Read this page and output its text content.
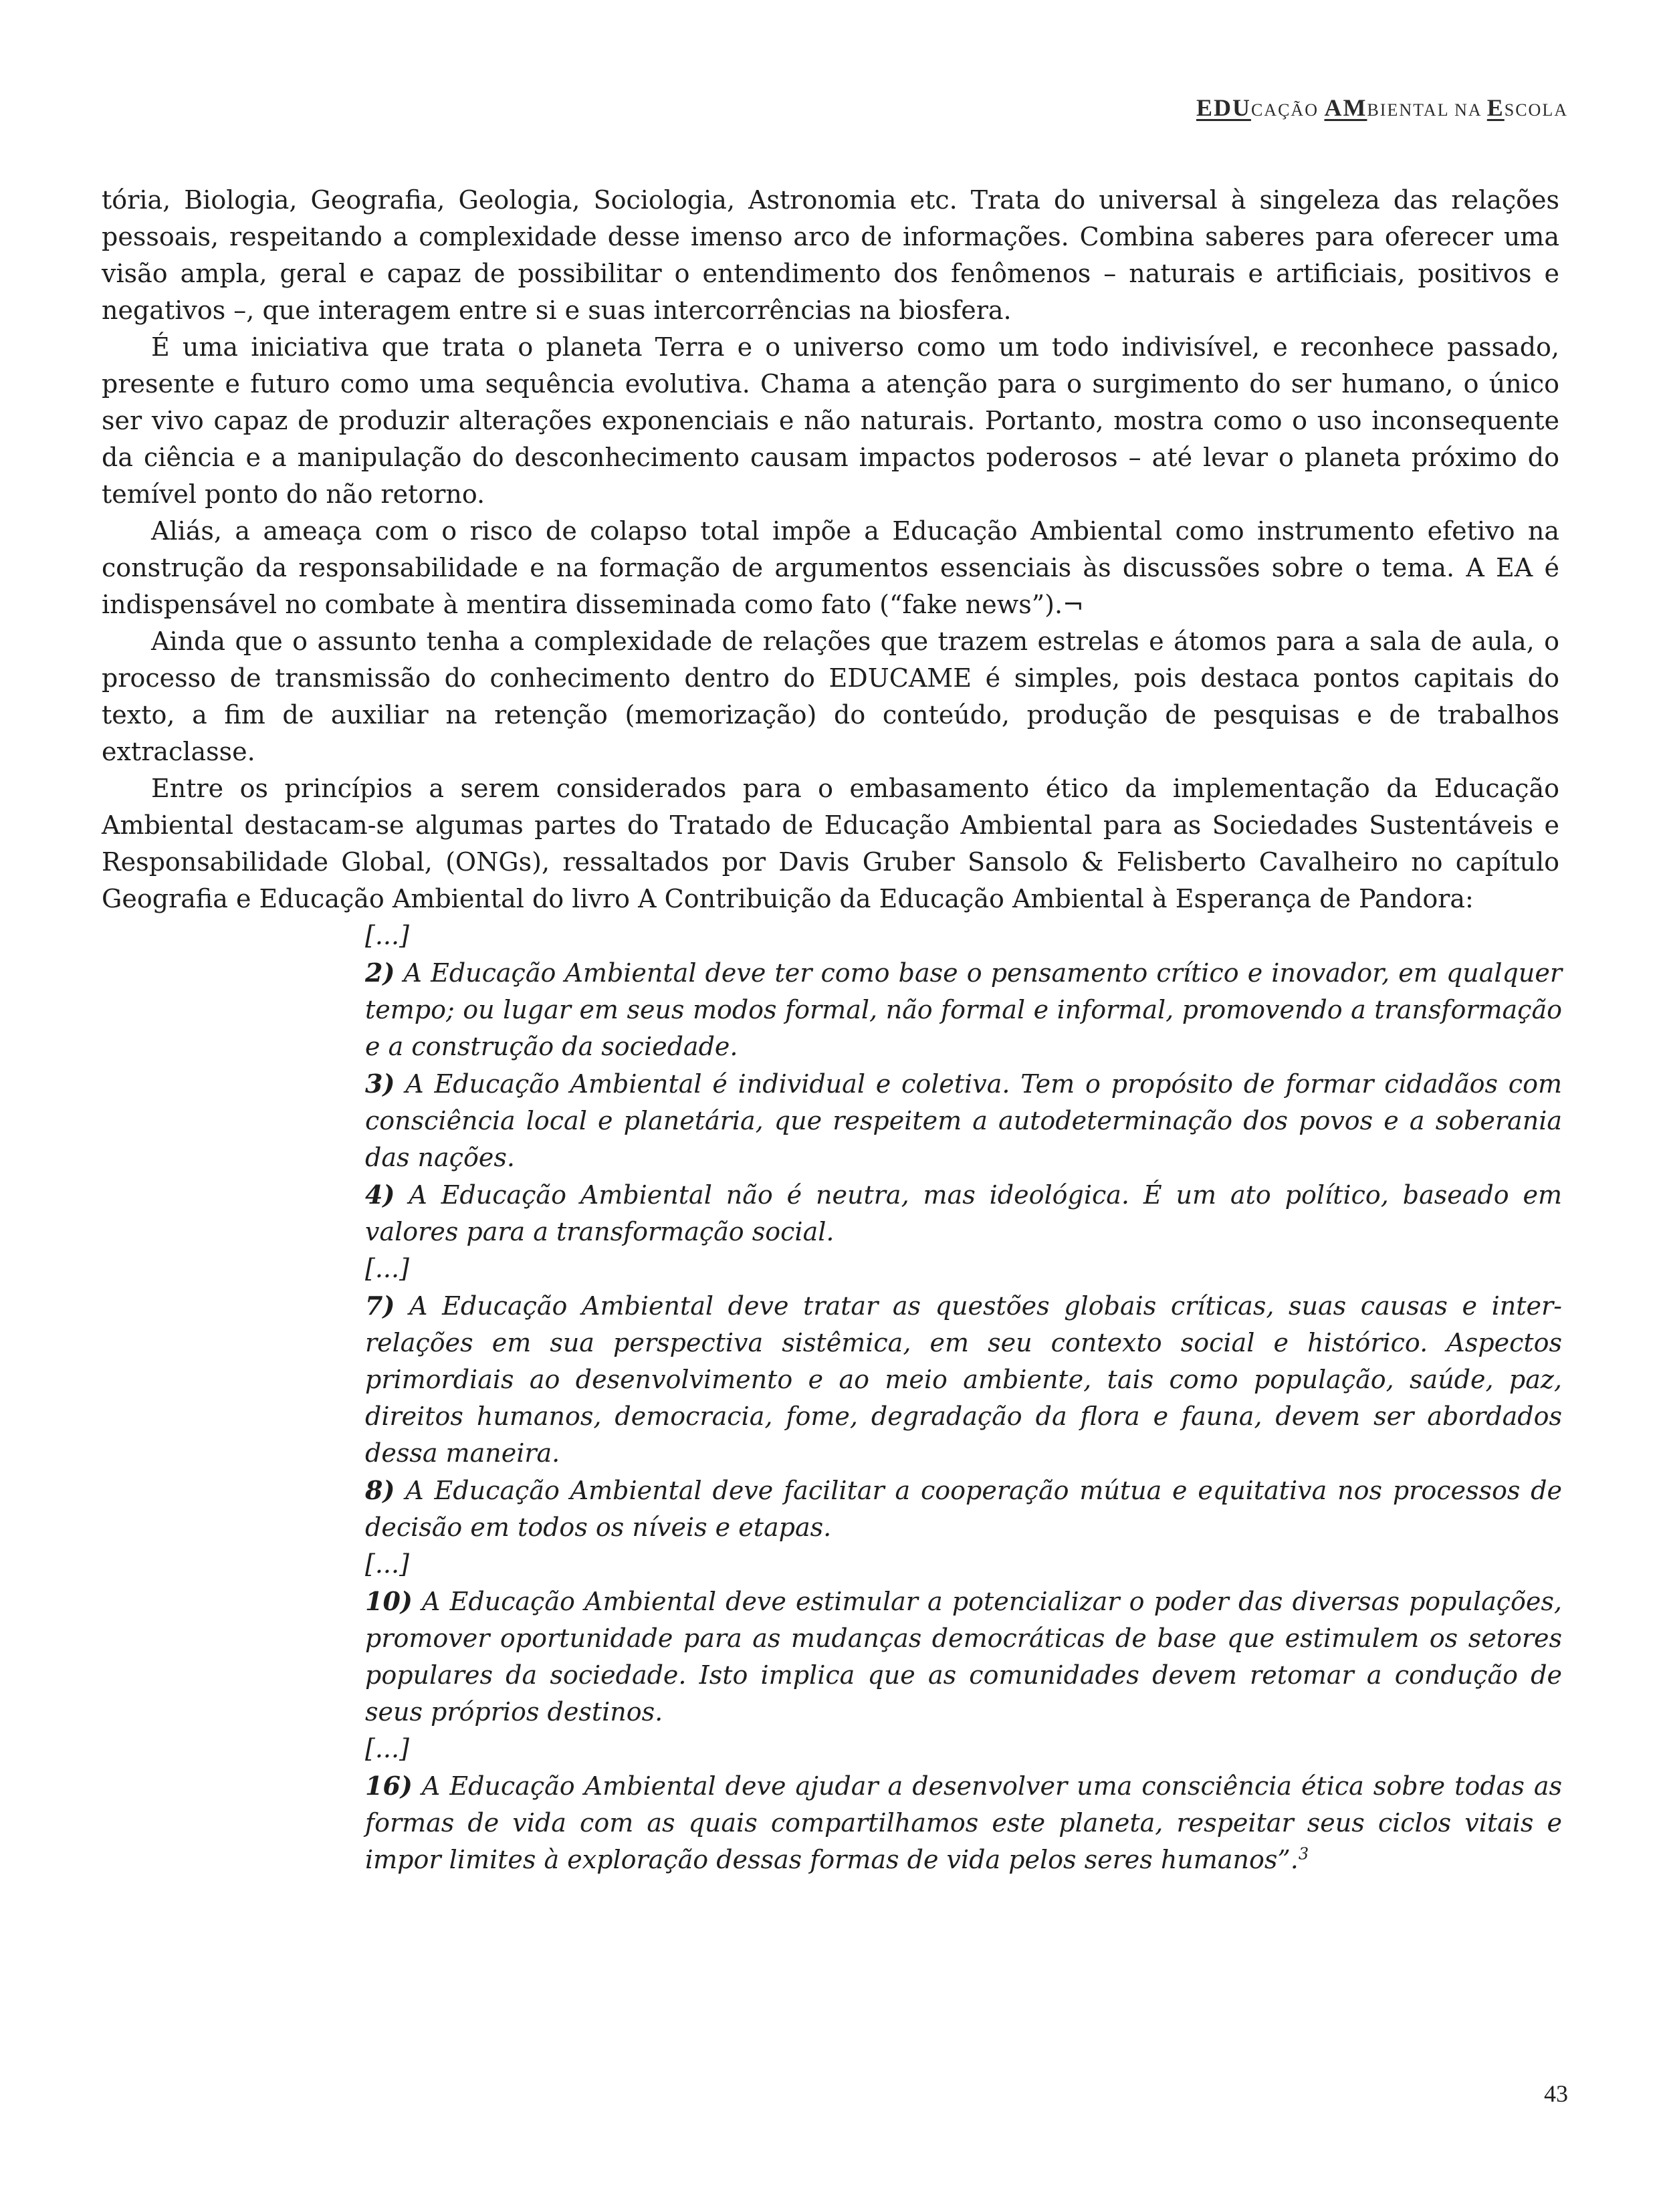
EDUCAÇÃO AMBIENTAL NA ESCOLA

tória, Biologia, Geografia, Geologia, Sociologia, Astronomia etc. Trata do universal à singeleza das relações pessoais, respeitando a complexidade desse imenso arco de informações. Combina saberes para oferecer uma visão ampla, geral e capaz de possibilitar o entendimento dos fenômenos – naturais e artificiais, positivos e negativos –, que interagem entre si e suas intercorrências na biosfera.

É uma iniciativa que trata o planeta Terra e o universo como um todo indivisível, e reconhece passado, presente e futuro como uma sequência evolutiva. Chama a atenção para o surgimento do ser humano, o único ser vivo capaz de produzir alterações exponenciais e não naturais. Portanto, mostra como o uso inconsequente da ciência e a manipulação do desconhecimento causam impactos poderosos – até levar o planeta próximo do temível ponto do não retorno.

Aliás, a ameaça com o risco de colapso total impõe a Educação Ambiental como instrumento efetivo na construção da responsabilidade e na formação de argumentos essenciais às discussões sobre o tema. A EA é indispensável no combate à mentira disseminada como fato (“fake news”).¬

Ainda que o assunto tenha a complexidade de relações que trazem estrelas e átomos para a sala de aula, o processo de transmissão do conhecimento dentro do EDUCAME é simples, pois destaca pontos capitais do texto, a fim de auxiliar na retenção (memorização) do conteúdo, produção de pesquisas e de trabalhos extraclasse.

Entre os princípios a serem considerados para o embasamento ético da implementação da Educação Ambiental destacam-se algumas partes do Tratado de Educação Ambiental para as Sociedades Sustentáveis e Responsabilidade Global, (ONGs), ressaltados por Davis Gruber Sansolo & Felisberto Cavalheiro no capítulo Geografia e Educação Ambiental do livro A Contribuição da Educação Ambiental à Esperança de Pandora:

[...]

2) A Educação Ambiental deve ter como base o pensamento crítico e inovador, em qualquer tempo; ou lugar em seus modos formal, não formal e informal, promovendo a transformação e a construção da sociedade.

3) A Educação Ambiental é individual e coletiva. Tem o propósito de formar cidadãos com consciência local e planetária, que respeitem a autodeterminação dos povos e a soberania das nações.

4) A Educação Ambiental não é neutra, mas ideológica. É um ato político, baseado em valores para a transformação social.

[...]

7) A Educação Ambiental deve tratar as questões globais críticas, suas causas e inter-relações em sua perspectiva sistêmica, em seu contexto social e histórico. Aspectos primordiais ao desenvolvimento e ao meio ambiente, tais como população, saúde, paz, direitos humanos, democracia, fome, degradação da flora e fauna, devem ser abordados dessa maneira.

8) A Educação Ambiental deve facilitar a cooperação mútua e equitativa nos processos de decisão em todos os níveis e etapas.

[...]

10) A Educação Ambiental deve estimular a potencializar o poder das diversas populações, promover oportunidade para as mudanças democráticas de base que estimulem os setores populares da sociedade. Isto implica que as comunidades devem retomar a condução de seus próprios destinos.

[...]

16) A Educação Ambiental deve ajudar a desenvolver uma consciência ética sobre todas as formas de vida com as quais compartilhamos este planeta, respeitar seus ciclos vitais e impor limites à exploração dessas formas de vida pelos seres humanos”.$^3$

43
